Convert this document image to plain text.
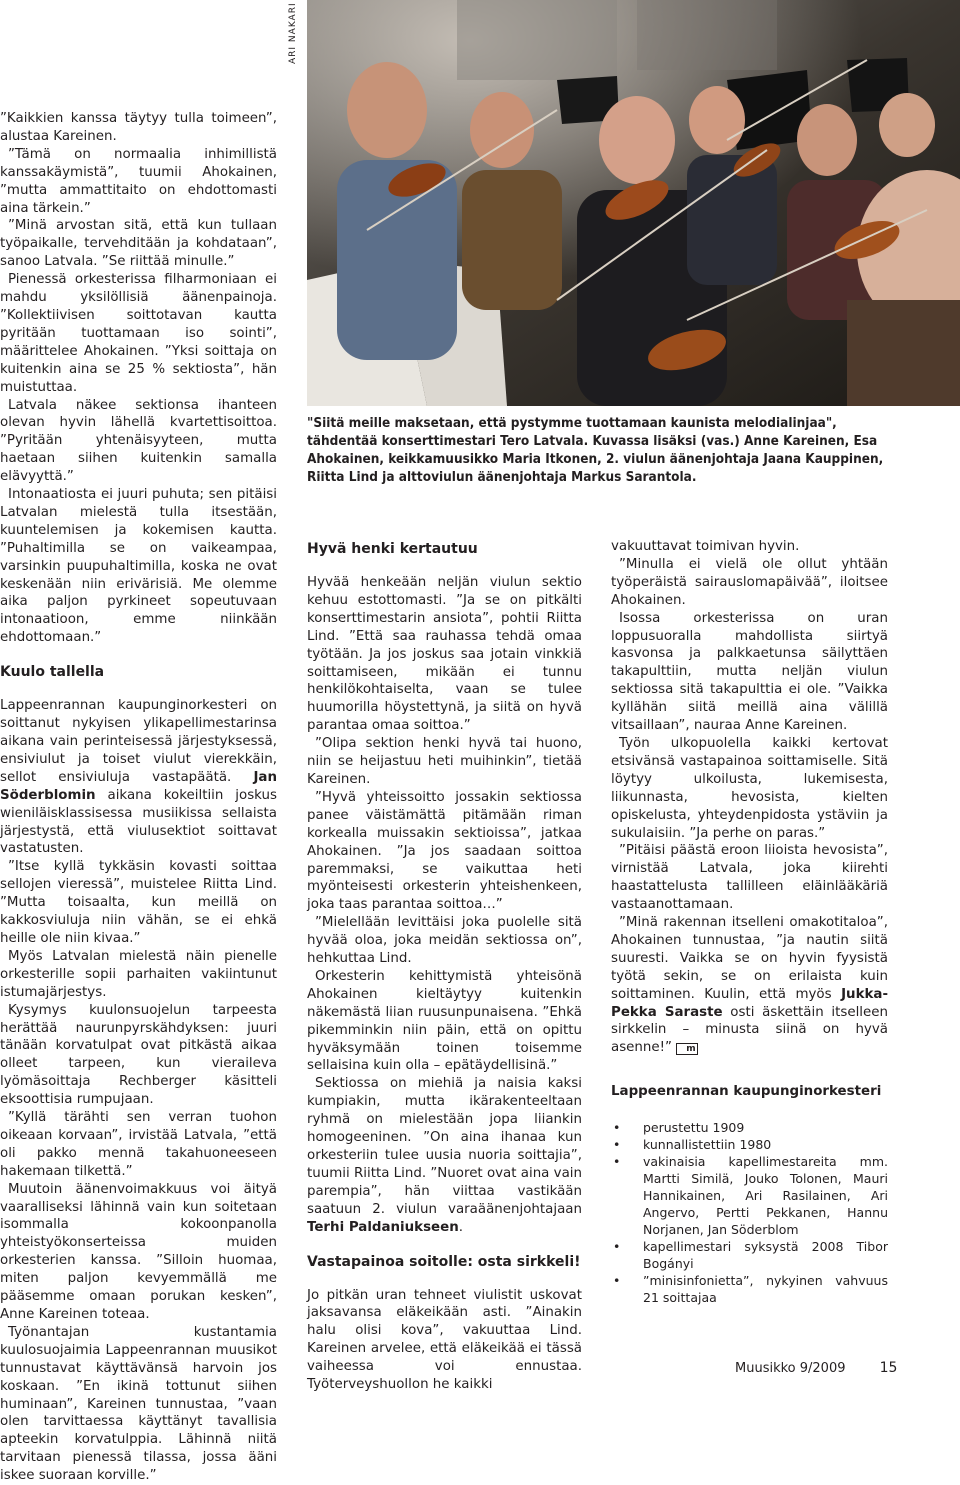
ARI NAKARI
"Siitä meille maksetaan, että pystymme tuottamaan kaunista melodialinjaa", tähdentää konserttimestari Tero Latvala. Kuvassa lisäksi (vas.) Anne Kareinen, Esa Ahokainen, keikkamuusikko Maria Itkonen, 2. viulun äänenjohtaja Jaana Kauppinen, Riitta Lind ja alttoviulun äänenjohtaja Markus Sarantola.

”Kaikkien kanssa täytyy tulla toimeen”, alustaa Kareinen.

”Tämä on normaalia inhimillistä kanssakäymistä”, tuumii Ahokainen, ”mutta ammattitaito on ehdottomasti aina tärkein.”

”Minä arvostan sitä, että kun tullaan työpaikalle, tervehditään ja kohdataan”, sanoo Latvala. ”Se riittää minulle.”

Pienessä orkesterissa filharmoniaan ei mahdu yksilöllisiä äänenpainoja. ”Kollektiivisen soittotavan kautta pyritään tuottamaan iso sointi”, määrittelee Ahokainen. ”Yksi soittaja on kuitenkin aina se 25 % sektiosta”, hän muistuttaa.

Latvala näkee sektionsa ihanteen olevan hyvin lähellä kvartettisoittoa. ”Pyritään yhtenäisyyteen, mutta haetaan siihen kuitenkin samalla elävyyttä.”

Intonaatiosta ei juuri puhuta; sen pitäisi Latvalan mielestä tulla itsestään, kuuntelemisen ja kokemisen kautta. ”Puhaltimilla se on vaikeampaa, varsinkin puupuhaltimilla, koska ne ovat keskenään niin erivärisiä. Me olemme aika paljon pyrkineet sopeutuvaan intonaatioon, emme niinkään ehdottomaan.”

Kuulo tallella

Lappeenrannan kaupunginorkesteri on soittanut nykyisen ylikapellimestarinsa aikana vain perinteisessä järjestyksessä, ensiviulut ja toiset viulut vierekkäin, sellot ensiviuluja vastapäätä. Jan Söderblomin aikana kokeiltiin joskus wieniläisklassisessa musiikissa sellaista järjestystä, että viulusektiot soittavat vastatusten.

”Itse kyllä tykkäsin kovasti soittaa sellojen vieressä”, muistelee Riitta Lind. ”Mutta toisaalta, kun meillä on kakkosviuluja niin vähän, se ei ehkä heille ole niin kivaa.”

Myös Latvalan mielestä näin pienelle orkesterille sopii parhaiten vakiintunut istumajärjestys.

Kysymys kuulonsuojelun tarpeesta herättää naurunpyrskähdyksen: juuri tänään korvatulpat ovat pitkästä aikaa olleet tarpeen, kun vieraileva lyömäsoittaja Rechberger käsitteli eksoottisia rumpujaan.

”Kyllä tärähti sen verran tuohon oikeaan korvaan”, irvistää Latvala, ”että oli pakko mennä takahuoneeseen hakemaan tilkettä.”

Muutoin äänenvoimakkuus voi äityä vaaralliseksi lähinnä vain kun soitetaan isommalla kokoonpanolla yhteistyökonserteissa muiden orkesterien kanssa. ”Silloin huomaa, miten paljon kevyemmällä me pääsemme omaan porukan kesken”, Anne Kareinen toteaa.

Työnantajan kustantamia kuulosuojaimia Lappeenrannan muusikot tunnustavat käyttävänsä harvoin jos koskaan. ”En ikinä tottunut siihen huminaan”, Kareinen tunnustaa, ”vaan olen tarvittaessa käyttänyt tavallisia apteekin korvatulppia. Lähinnä niitä tarvitaan pienessä tilassa, jossa ääni iskee suoraan korville.”

Hyvä henki kertautuu

Hyvää henkeään neljän viulun sektio kehuu estottomasti. ”Ja se on pitkälti konserttimestarin ansiota”, pohtii Riitta Lind. ”Että saa rauhassa tehdä omaa työtään. Ja jos joskus saa jotain vinkkiä soittamiseen, mikään ei tunnu henkilökohtaiselta, vaan se tulee huumorilla höystettynä, ja siitä on hyvä parantaa omaa soittoa.”

”Olipa sektion henki hyvä tai huono, niin se heijastuu heti muihinkin”, tietää Kareinen.

”Hyvä yhteissoitto jossakin sektiossa panee väistämättä pitämään riman korkealla muissakin sektioissa”, jatkaa Ahokainen. ”Ja jos saadaan soittoa paremmaksi, se vaikuttaa heti myönteisesti orkesterin yhteishenkeen, joka taas parantaa soittoa…”

”Mielellään levittäisi joka puolelle sitä hyvää oloa, joka meidän sektiossa on”, hehkuttaa Lind.

Orkesterin kehittymistä yhteisönä Ahokainen kieltäytyy kuitenkin näkemästä liian ruusunpunaisena. ”Ehkä pikemminkin niin päin, että on opittu hyväksymään toinen toisemme sellaisina kuin olla – epätäydellisinä.”

Sektiossa on miehiä ja naisia kaksi kumpiakin, mutta ikärakenteeltaan ryhmä on mielestään jopa liiankin homogeeninen. ”On aina ihanaa kun orkesteriin tulee uusia nuoria soittajia”, tuumii Riitta Lind. ”Nuoret ovat aina vain parempia”, hän viittaa vastikään saatuun 2. viulun varaäänenjohtajaan Terhi Paldaniukseen.

Vastapainoa soitolle: osta sirkkeli!

Jo pitkän uran tehneet viulistit uskovat jaksavansa eläkeikään asti. ”Ainakin halu olisi kova”, vakuuttaa Lind. Kareinen arvelee, että eläkeikää ei tässä vaiheessa voi ennustaa. Työterveyshuollon he kaikki

vakuuttavat toimivan hyvin.

”Minulla ei vielä ole ollut yhtään työperäistä sairauslomapäivää”, iloitsee Ahokainen.

Isossa orkesterissa on uran loppusuoralla mahdollista siirtyä kasvonsa ja palkkaetunsa säilyttäen takapulttiin, mutta neljän viulun sektiossa sitä takapulttia ei ole. ”Vaikka kyllähän siitä meillä aina välillä vitsaillaan”, nauraa Anne Kareinen.

Työn ulkopuolella kaikki kertovat etsivänsä vastapainoa soittamiselle. Sitä löytyy ulkoilusta, lukemisesta, liikunnasta, hevosista, kielten opiskelusta, yhteydenpidosta ystäviin ja sukulaisiin. ”Ja perhe on paras.”

”Pitäisi päästä eroon liioista hevosista”, virnistää Latvala, joka kiirehti haastattelusta tallilleen eläinlääkäriä vastaanottamaan.

”Minä rakennan itselleni omakotitaloa”, Ahokainen tunnustaa, ”ja nautin siitä suuresti. Vaikka se on hyvin fyysistä työtä sekin, se on erilaista kuin soittaminen. Kuulin, että myös Jukka-Pekka Saraste osti äskettäin itselleen sirkkelin – minusta siinä on hyvä asenne!” m

Lappeenrannan kaupunginorkesteri
• perustettu 1909
• kunnallistettiin 1980
• vakinaisia kapellimestareita mm. Martti Similä, Jouko Tolonen, Mauri Hannikainen, Ari Rasilainen, Ari Angervo, Pertti Pekkanen, Hannu Norjanen, Jan Söderblom
• kapellimestari syksystä 2008 Tibor Bogányi
• ”minisinfonietta”, nykyinen vahvuus 21 soittajaa
Muusikko 9/2009 15
